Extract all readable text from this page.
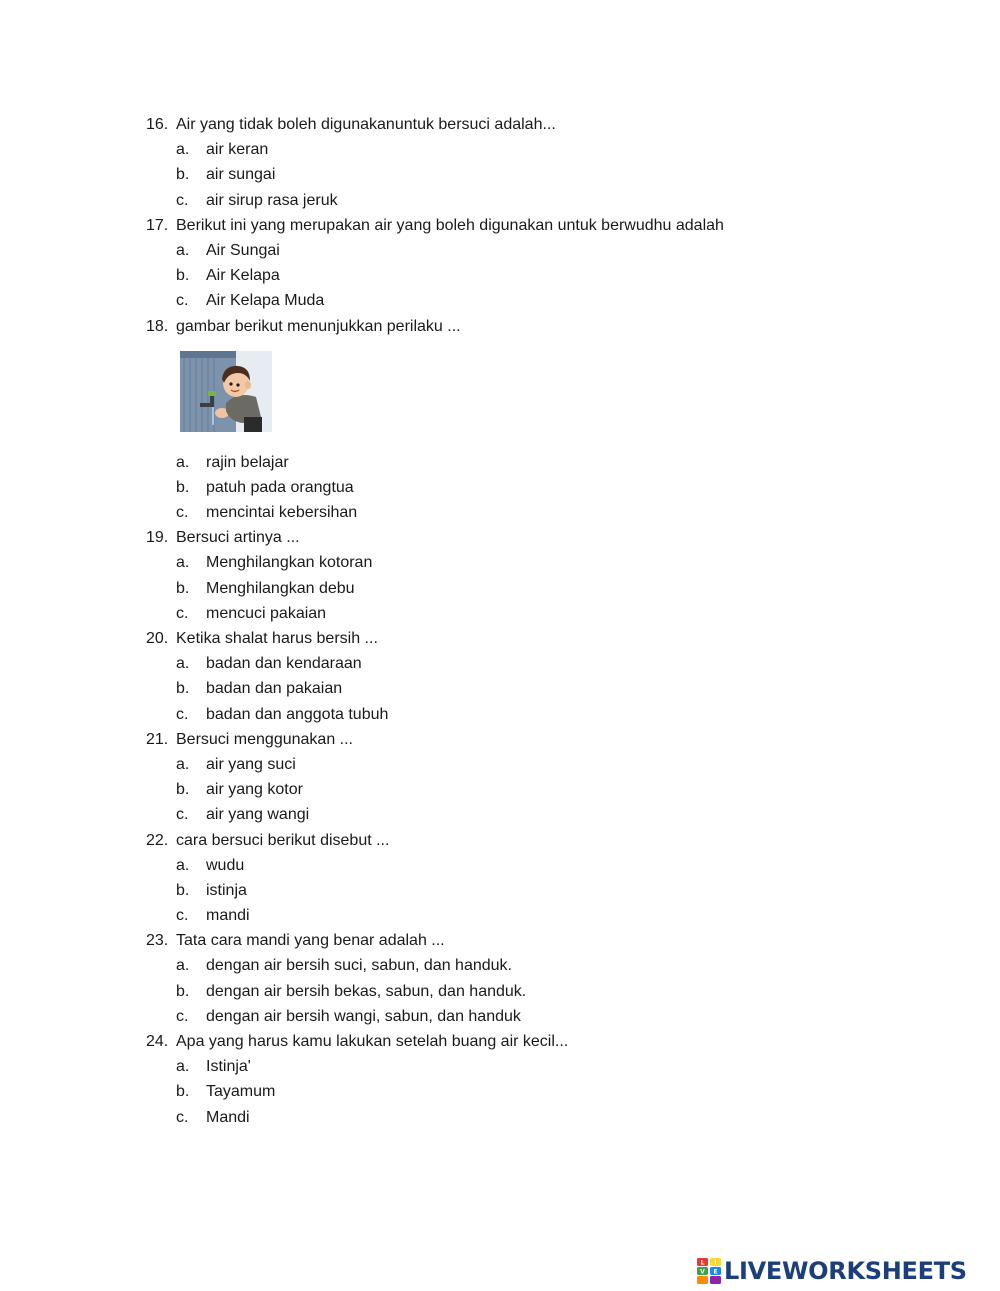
16. Air yang tidak boleh digunakanuntuk bersuci adalah...
a. air keran
b. air sungai
c. air sirup rasa jeruk
17. Berikut ini yang merupakan air yang boleh digunakan untuk berwudhu adalah
a. Air Sungai
b. Air Kelapa
c. Air Kelapa Muda
18. gambar berikut menunjukkan perilaku ...
a. rajin belajar
b. patuh pada orangtua
c. mencintai kebersihan
19. Bersuci artinya ...
a. Menghilangkan kotoran
b. Menghilangkan debu
c. mencuci pakaian
20. Ketika shalat harus bersih ...
a. badan dan kendaraan
b. badan dan pakaian
c. badan dan anggota tubuh
21. Bersuci menggunakan ...
a. air yang suci
b. air yang kotor
c. air yang wangi
22. cara bersuci berikut disebut ...
a. wudu
b. istinja
c. mandi
23. Tata cara mandi yang benar adalah ...
a. dengan air bersih suci, sabun, dan handuk.
b. dengan air bersih bekas, sabun, dan handuk.
c. dengan air bersih wangi, sabun, dan handuk
24. Apa yang harus kamu lakukan setelah buang air kecil...
a. Istinja'
b. Tayamum
c. Mandi
L I
V E LIVEWORKSHEETS
